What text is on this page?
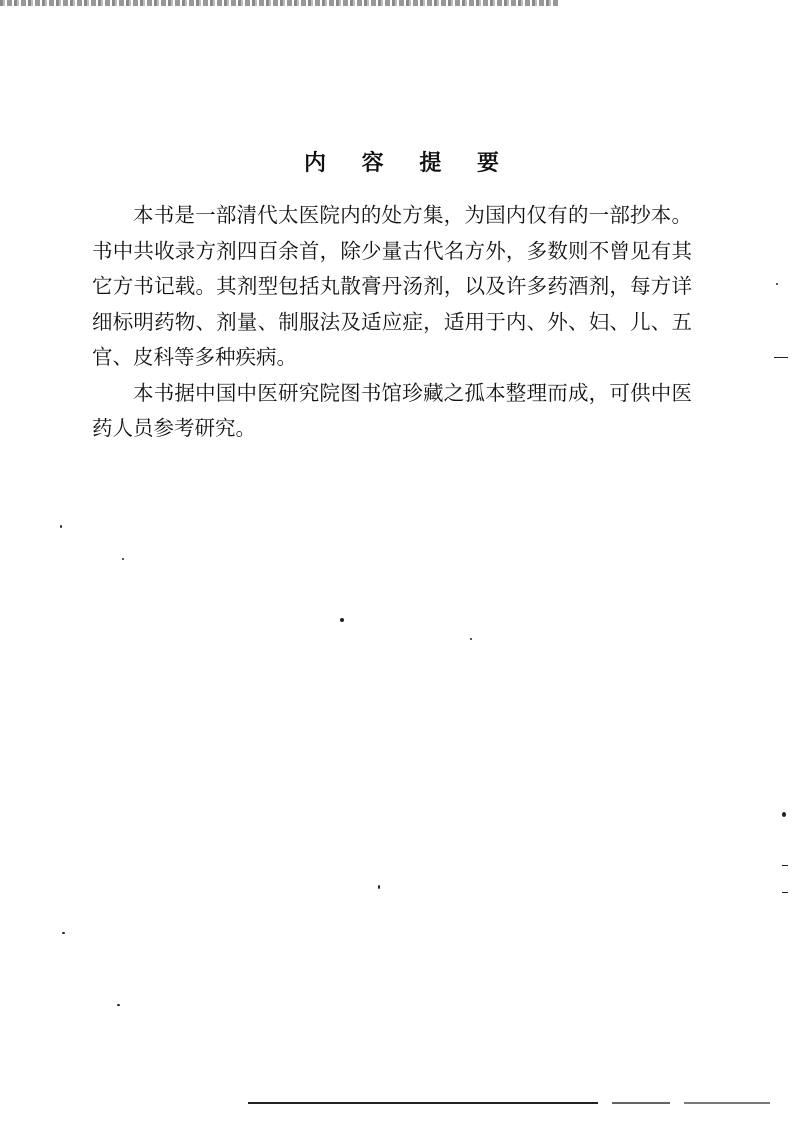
内 容 提 要

本书是一部清代太医院内的处方集，为国内仅有的一部抄本。书中共收录方剂四百余首，除少量古代名方外，多数则不曾见有其它方书记载。其剂型包括丸散膏丹汤剂，以及许多药酒剂，每方详细标明药物、剂量、制服法及适应症，适用于内、外、妇、儿、五官、皮科等多种疾病。

本书据中国中医研究院图书馆珍藏之孤本整理而成，可供中医药人员参考研究。
